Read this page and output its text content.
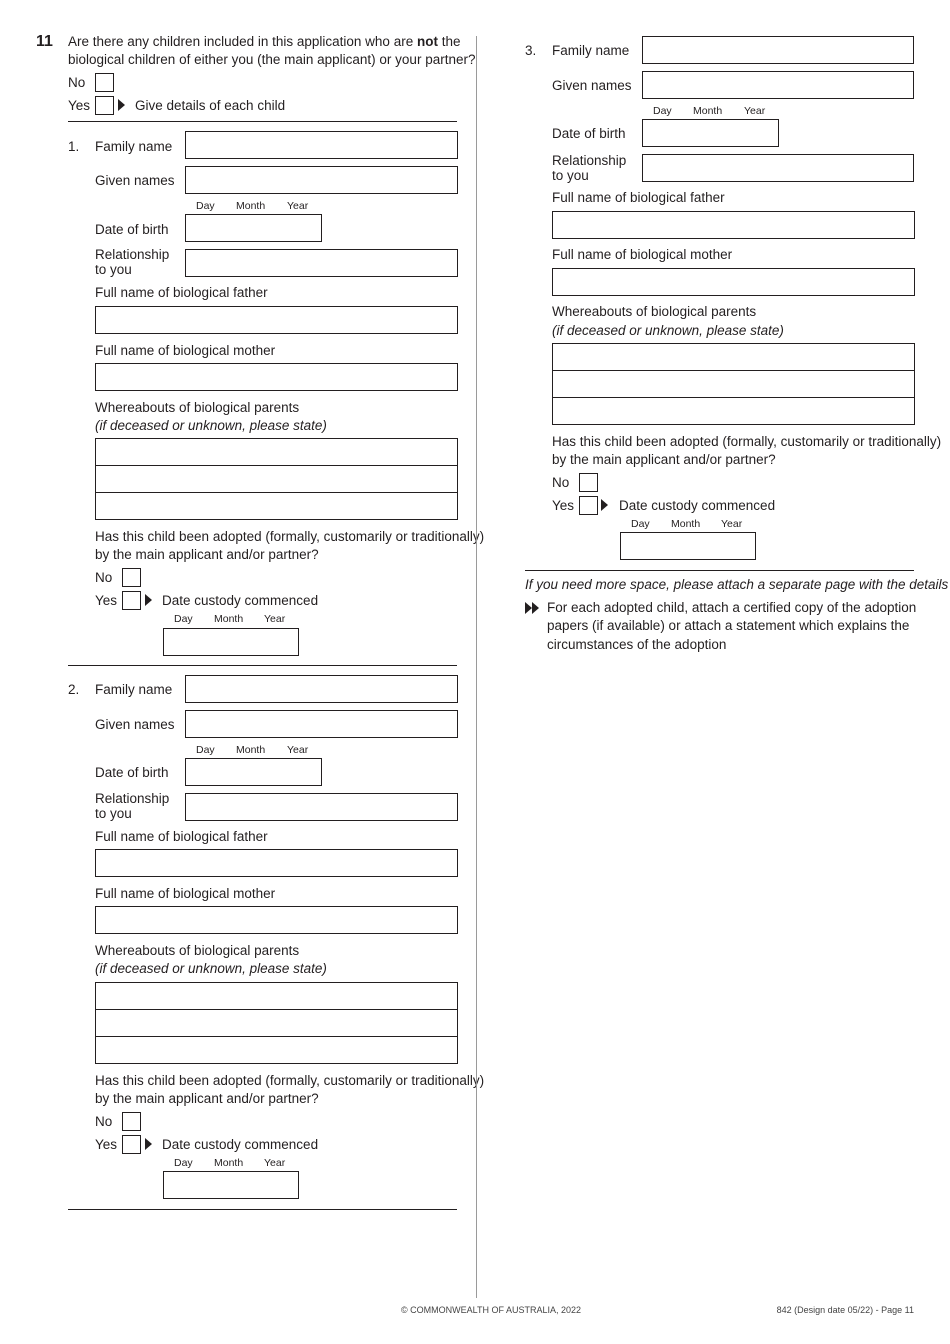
11 Are there any children included in this application who are not the
biological children of either you (the main applicant) or your partner?
No
Yes	Give details of each child
1. Family name
Given names
Day Month Year
Date of birth
Relationship
to you
Full name of biological father
Full name of biological mother
Whereabouts of biological parents
(if deceased or unknown, please state)
Has this child been adopted (formally, customarily or traditionally)
by the main applicant and/or partner?
No
Yes	Date custody commenced
Day Month Year
2. Family name
Given names
Day Month Year
Date of birth
Relationship
to you
Full name of biological father
Full name of biological mother
Whereabouts of biological parents
(if deceased or unknown, please state)
Has this child been adopted (formally, customarily or traditionally)
by the main applicant and/or partner?
No
Yes	Date custody commenced
Day Month Year
3. Family name
Given names
Day Month Year
Date of birth
Relationship
to you
Full name of biological father
Full name of biological mother
Whereabouts of biological parents
(if deceased or unknown, please state)
Has this child been adopted (formally, customarily or traditionally)
by the main applicant and/or partner?
No
Yes	Date custody commenced
Day Month Year
If you need more space, please attach a separate page with the details
For each adopted child, attach a certified copy of the adoption
papers (if available) or attach a statement which explains the
circumstances of the adoption
© COMMONWEALTH OF AUSTRALIA, 2022	842 (Design date 05/22) - Page 11
